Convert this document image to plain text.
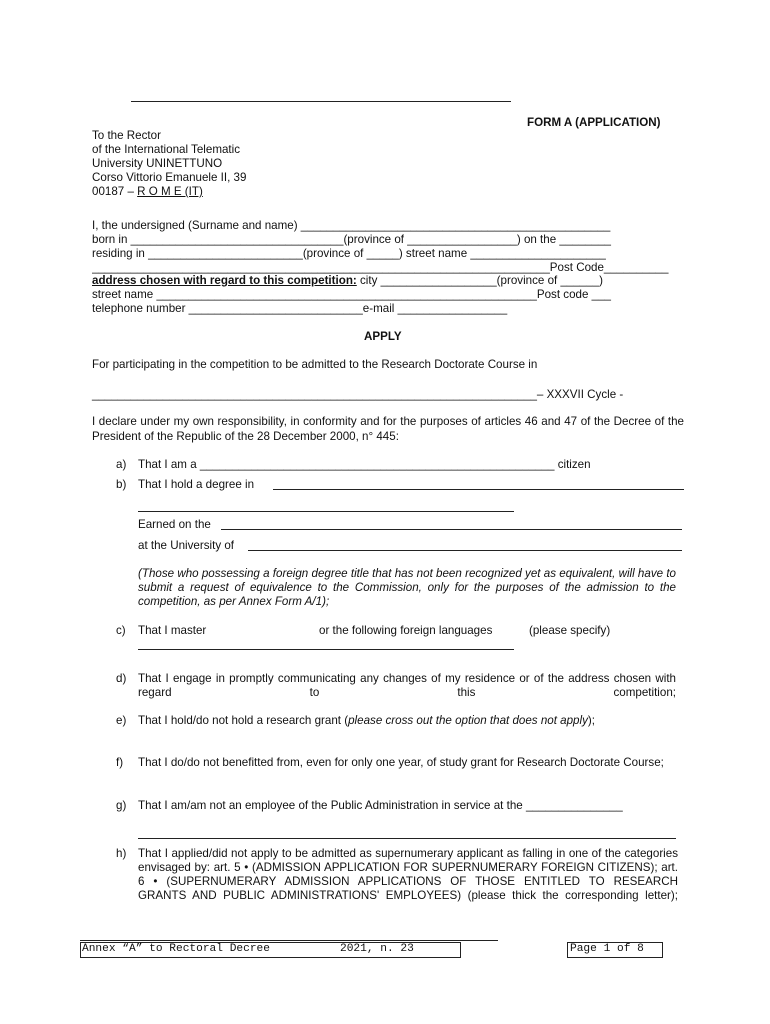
FORM A (APPLICATION)
To the Rector
of the International Telematic
University UNINETTUNO
Corso Vittorio Emanuele II, 39
00187 – R O M E (IT)
I, the undersigned (Surname and name) ________________________________________________
born in _________________________________(province of _________________) on the ________
residing in ________________________(province of _____) street name _____________________
_______________________________________________________________________Post Code__________
address chosen with regard to this competition: city __________________(province of ______)
street name ___________________________________________________________Post code ___
telephone number ___________________________e-mail _________________
APPLY
For participating in the competition to be admitted to the Research Doctorate Course in
_____________________________________________________________________– XXXVII Cycle -
I declare under my own responsibility, in conformity and for the purposes of articles 46 and 47 of the Decree of the President of the Republic of the 28 December 2000, n° 445:
a) That I am a _______________________________________________________ citizen
b) That I hold a degree in
Earned on the
at the University of
(Those who possessing a foreign degree title that has not been recognized yet as equivalent, will have to submit a request of equivalence to the Commission, only for the purposes of the admission to the competition, as per Annex Form A/1);
c) That I master	or the following foreign languages	(please specify)
d) That I engage in promptly communicating any changes of my residence or of the address chosen with regard to this competition;
e) That I hold/do not hold a research grant (please cross out the option that does not apply);
f) That I do/do not benefitted from, even for only one year, of study grant for Research Doctorate Course;
g) That I am/am not an employee of the Public Administration in service at the _______________
h) That I applied/did not apply to be admitted as supernumerary applicant as falling in one of the categories envisaged by: art. 5 • (ADMISSION APPLICATION FOR SUPERNUMERARY FOREIGN CITIZENS); art. 6 • (SUPERNUMERARY ADMISSION APPLICATIONS OF THOSE ENTITLED TO RESEARCH GRANTS AND PUBLIC ADMINISTRATIONS' EMPLOYEES) (please thick the corresponding letter);
Annex “A” to Rectoral Decree	2021, n. 23	Page 1 of 8
